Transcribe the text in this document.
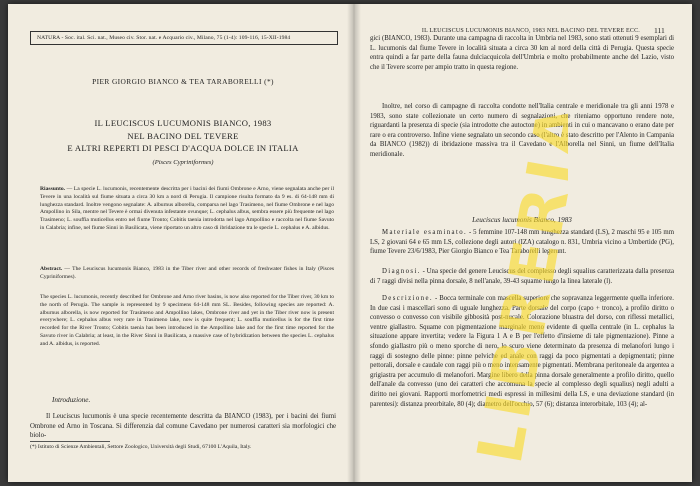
NATURA - Soc. ital. Sci. nat., Museo civ. Stor. nat. e Acquario civ., Milano, 75 (1-4): 109-116, 15-XII-1984
PIER GIORGIO BIANCO & TEA TARABORELLI (*)
IL LEUCISCUS LUCUMONIS BIANCO, 1983
NEL BACINO DEL TEVERE
E ALTRI REPERTI DI PESCI D'ACQUA DOLCE IN ITALIA
(Pisces Cypriniformes)
Riassunto. — La specie L. lucumonis, recentemente descritta per i bacini dei fiumi Ombrone e Arno, viene segnalata anche per il Tevere in una località sul fiume situata a circa 30 km a nord di Perugia. Il campione risulta formato da 9 es. di 64-148 mm di lunghezza standard. Inoltre vengono segnalate: A. alburnus alborella, comparsa nel lago Trasimeno, nel fiume Ombrone e nel lago Ampollino in Sila, mentre nel Tevere è ormai divenuta infestante ovunque; L. cephalus albus, sembra essere più frequente nel lago Trasimeno; L. souffia muticellus entro nel fiume Tronto; Cobitis taenia introdotta nel lago Ampollino e raccolta nel fiume Savuto in Calabria; infine, nel fiume Sinni in Basilicata, viene riportato un altro caso di ibridazione tra le specie L. cephalus e A. albidus.
Abstract. — The Leuciscus lucumonis Bianco, 1983 in the Tiber river and other records of freshwater fishes in Italy (Pisces Cypriniformes).
The species L. lucumonis, recently described for Ombrone and Arno river basins, is now also reported for the Tiber river, 30 km to the north of Perugia. The sample is represented by 9 specimens 64-148 mm SL. Besides, following species are reported: A. alburnus alborella, is now reported for Trasimeno and Ampollino lakes, Ombrone river and yet in the Tiber river now is present everywhere; L. cephalus albus very rare in Trasimeno lake, now is quite frequent; L. souffia muticellus is for the first time recorded for the River Tronto; Cobitis taenia has been introduced in the Ampollino lake and for the first time reported for the Savuto river in Calabria; at least, in the River Sinni in Basilicata, a massive case of hybridization between the species L. cephalus and A. albidus, is reported.
Introduzione.
Il Leuciscus lucumonis è una specie recentemente descritta da BIANCO (1983), per i bacini dei fiumi Ombrone ed Arno in Toscana. Si differenzia dal comune Cavedano per numerosi caratteri sia morfologici che biolo-
(*) Istituto di Scienze Ambientali, Settore Zoologico, Università degli Studi, 67100 L'Aquila, Italy.
IL LEUCISCUS LUCUMONIS BIANCO, 1983 NEL BACINO DEL TEVERE ECC. 111
gici (BIANCO, 1983). Durante una campagna di raccolta in Umbria nel 1983, sono stati ottenuti 9 esemplari di L. lucumonis dal fiume Tevere in località situata a circa 30 km al nord della città di Perugia. Questa specie entra quindi a far parte della fauna dulciacquicola dell'Umbria e molto probabilmente anche del Lazio, visto che il Tevere scorre per ampio tratto in questa regione.
Inoltre, nel corso di campagne di raccolta condotte nell'Italia centrale e meridionale tra gli anni 1978 e 1983, sono state collezionate un certo numero di segnalazioni, che riteniamo opportuno rendere note, riguardanti la presenza di specie (sia introdotte che autoctone) in ambienti in cui o mancavano o erano date per rare o era controverso. Infine viene segnalato un secondo caso (l'altro è stato descritto per l'Alento in Campania da BIANCO (1982)) di ibridazione massiva tra il Cavedano e l'Alborella nel Sinni, un fiume dell'Italia meridionale.
Leuciscus lucumonis Bianco, 1983
Materiale esaminato. - 5 femmine 107-148 mm lunghezza standard (LS), 2 maschi 95 e 105 mm LS, 2 giovani 64 e 65 mm LS, collezione degli autori (IZA) catalogo n. 831, Umbria vicino a Umbertide (PG), fiume Tevere 23/6/1983, Pier Giorgio Bianco e Tea Taraborelli legerunt.
Diagnosi. - Una specie del genere Leuciscus del complesso degli squalius caratterizzata dalla presenza di 7 raggi divisi nella pinna dorsale, 8 nell'anale, 39-43 squame lungo la linea laterale (l).
Descrizione. - Bocca terminale con mascella superiore che sopravanza leggermente quella inferiore. In due casi i mascellari sono di uguale lunghezza. Parte dorsale del corpo (capo + tronco), a profilo diritto o convesso o convesso con visibile gibbosità post-nucale. Colorazione bluastra del dorso, con riflessi metallici, ventre giallastro. Squame con pigmentazione marginale meno evidente di quella centrale (in L. cephalus la situazione appare invertita; vedere la Figura 1 A e B per l'effetto d'insieme di tale pigmentazione). Pinne a sfondo giallastro più o meno sporche di nero, lo scuro viene determinato da presenza di melanofori lungo i raggi di sostegno delle pinne: pinne pelviche ed anale con raggi da poco pigmentati a depigmentati; pinne pettorali, dorsale e caudale con raggi più o meno intensamente pigmentati. Membrana peritoneale da argentea a grigiastra per accumulo di melanofori. Margine libero della pinna dorsale generalmente a profilo diritto, quello dell'anale da convesso (uno dei caratteri che accomuna la specie al complesso degli squalius) negli adulti a diritto nei giovani. Rapporti morfometrici medi espressi in millesimi della LS, e una deviazione standard (in parentesi): distanza preorbitale, 80 (4); diametro dell'occhio, 57 (6); distanza interorbitale, 103 (4); al-
LIBRERIA
